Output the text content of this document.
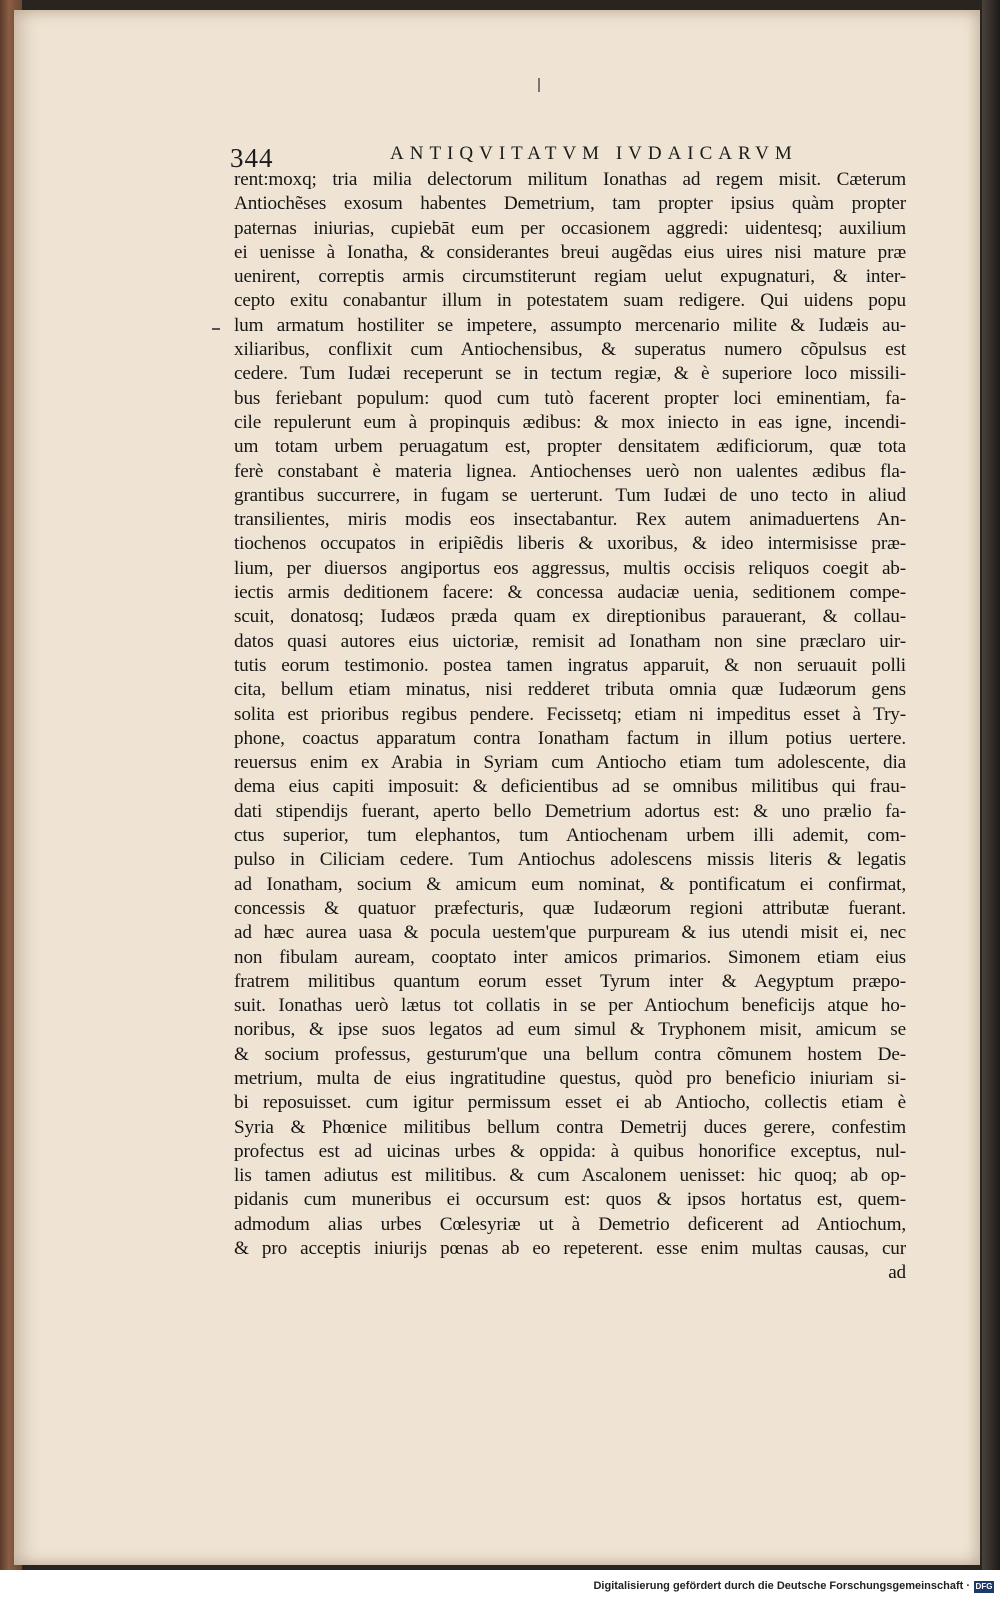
344	ANTIQVITATVM IVDAICARVM
rent:moxq; tria milia delectorum militum Ionathas ad regem misit. Cæterum
Antiochẽses exosum habentes Demetrium, tam propter ipsius quàm propter
paternas iniurias, cupiebāt eum per occasionem aggredi: uidentesq; auxilium
ei uenisse à Ionatha, & considerantes breui augẽdas eius uires nisi mature præ
uenirent, correptis armis circumstiterunt regiam uelut expugnaturi, & inter-
cepto exitu conabantur illum in potestatem suam redigere. Qui uidens popu
lum armatum hostiliter se impetere, assumpto mercenario milite & Iudæis au-
xiliaribus, conflixit cum Antiochensibus, & superatus numero cõpulsus est
cedere. Tum Iudæi receperunt se in tectum regiæ, & è superiore loco missili-
bus feriebant populum: quod cum tutò facerent propter loci eminentiam, fa-
cile repulerunt eum à propinquis ædibus: & mox iniecto in eas igne, incendi-
um totam urbem peruagatum est, propter densitatem ædificiorum, quæ tota
ferè constabant è materia lignea. Antiochenses uerò non ualentes ædibus fla-
grantibus succurrere, in fugam se uerterunt. Tum Iudæi de uno tecto in aliud
transilientes, miris modis eos insectabantur. Rex autem animaduertens An-
tiochenos occupatos in eripiẽdis liberis & uxoribus, & ideo intermisisse præ-
lium, per diuersos angiportus eos aggressus, multis occisis reliquos coegit ab-
iectis armis deditionem facere: & concessa audaciæ uenia, seditionem compe-
scuit, donatosq; Iudæos præda quam ex direptionibus parauerant, & collau-
datos quasi autores eius uictoriæ, remisit ad Ionatham non sine præclaro uir-
tutis eorum testimonio. postea tamen ingratus apparuit, & non seruauit polli
cita, bellum etiam minatus, nisi redderet tributa omnia quæ Iudæorum gens
solita est prioribus regibus pendere. Fecissetq; etiam ni impeditus esset à Try-
phone, coactus apparatum contra Ionatham factum in illum potius uertere.
reuersus enim ex Arabia in Syriam cum Antiocho etiam tum adolescente, dia
dema eius capiti imposuit: & deficientibus ad se omnibus militibus qui frau-
dati stipendijs fuerant, aperto bello Demetrium adortus est: & uno prælio fa-
ctus superior, tum elephantos, tum Antiochenam urbem illi ademit, com-
pulso in Ciliciam cedere. Tum Antiochus adolescens missis literis & legatis
ad Ionatham, socium & amicum eum nominat, & pontificatum ei confirmat,
concessis & quatuor præfecturis, quæ Iudæorum regioni attributæ fuerant.
ad hæc aurea uasa & pocula uestem'que purpuream & ius utendi misit ei, nec
non fibulam auream, cooptato inter amicos primarios. Simonem etiam eius
fratrem militibus quantum eorum esset Tyrum inter & Aegyptum præpo-
suit. Ionathas uerò lætus tot collatis in se per Antiochum beneficijs atque ho-
noribus, & ipse suos legatos ad eum simul & Tryphonem misit, amicum se
& socium professus, gesturum'que una bellum contra cõmunem hostem De-
metrium, multa de eius ingratitudine questus, quòd pro beneficio iniuriam si-
bi reposuisset. cum igitur permissum esset ei ab Antiocho, collectis etiam è
Syria & Phœnice militibus bellum contra Demetrij duces gerere, confestim
profectus est ad uicinas urbes & oppida: à quibus honorifice exceptus, nul-
lis tamen adiutus est militibus. & cum Ascalonem uenisset: hic quoq; ab op-
pidanis cum muneribus ei occursum est: quos & ipsos hortatus est, quem-
admodum alias urbes Cœlesyriæ ut à Demetrio deficerent ad Antiochum,
& pro acceptis iniurijs pœnas ab eo repeterent. esse enim multas causas, cur
ad
Digitalisierung gefördert durch die Deutsche Forschungsgemeinschaft · DFG
